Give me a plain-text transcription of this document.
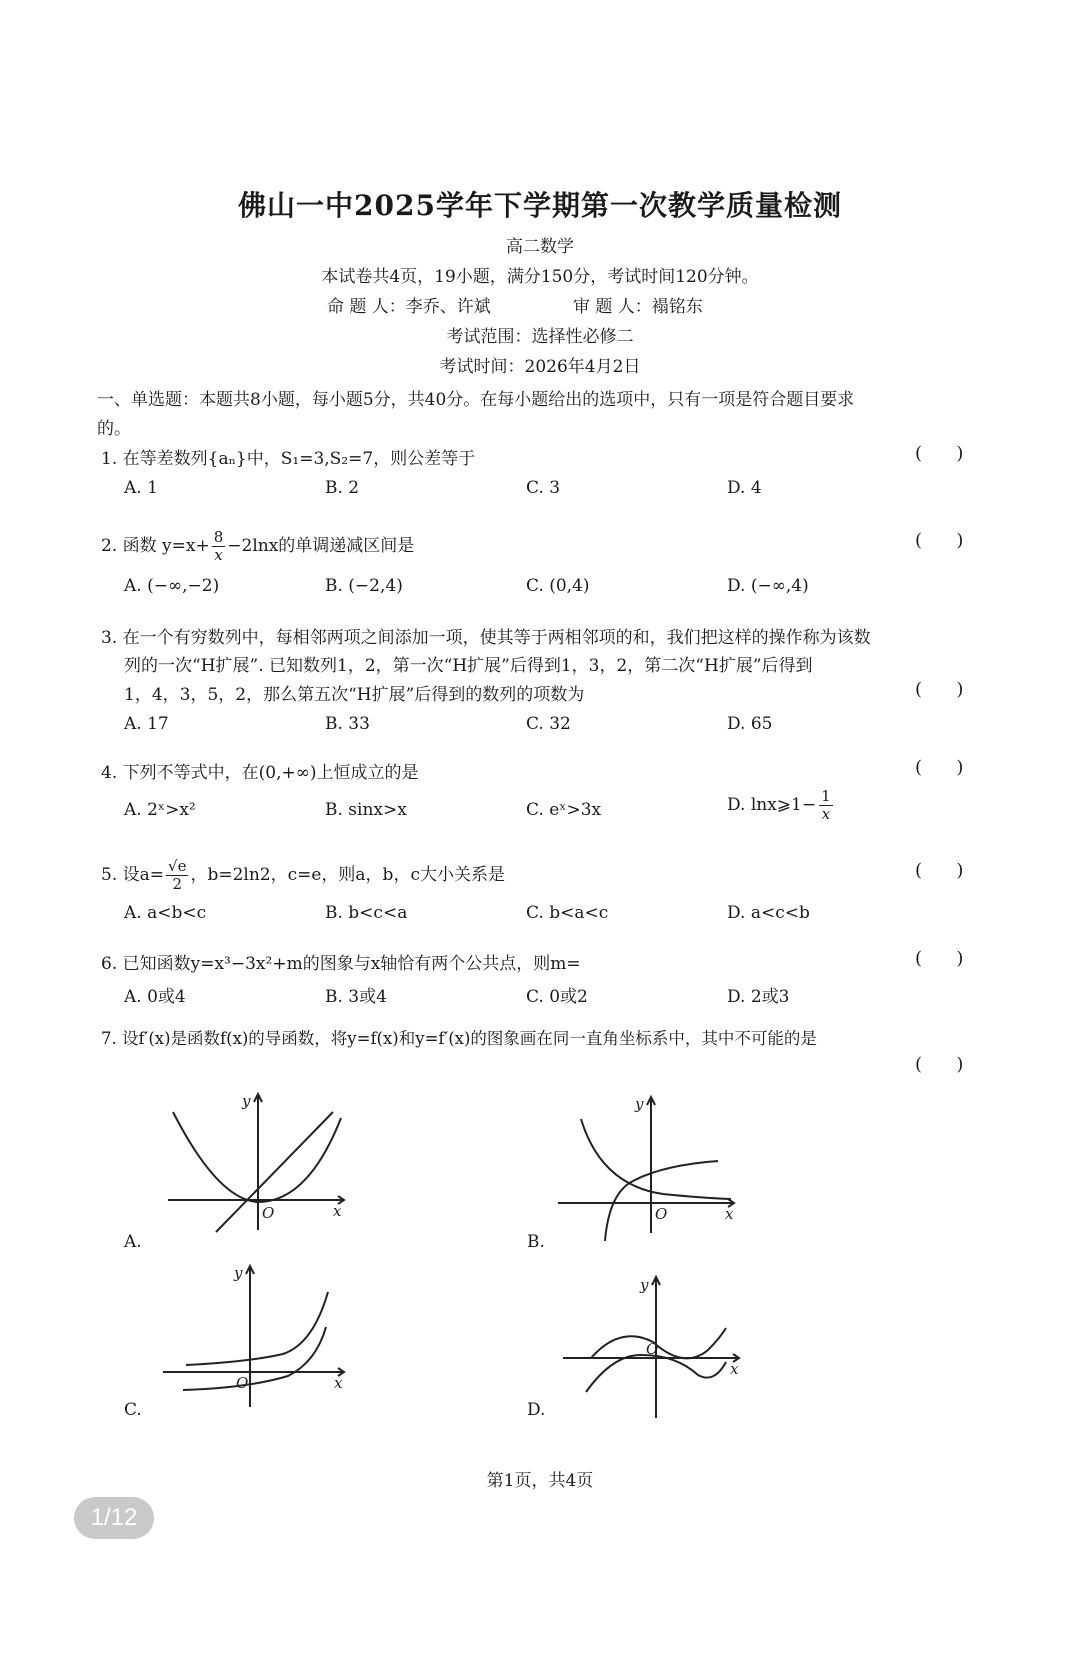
佛山一中2025学年下学期第一次教学质量检测
高二数学
本试卷共4页，19小题，满分150分，考试时间120分钟。
命 题 人：李乔、许斌	审 题 人：褟铭东
考试范围：选择性必修二
考试时间：2026年4月2日
一、单选题：本题共8小题，每小题5分，共40分。在每小题给出的选项中，只有一项是符合题目要求
的。
1. 在等差数列{aₙ}中，S₁=3,S₂=7，则公差等于	(      )
A. 1	B. 2	C. 3	D. 4
2. 函数 $y=x+ \frac{8}{x} -2\ln x$的单调递减区间是	(      )
A. (−∞,−2)	B. (−2,4)	C. (0,4)	D. (−∞,4)
3. 在一个有穷数列中，每相邻两项之间添加一项，使其等于两相邻项的和，我们把这样的操作称为该数
列的一次“H扩展”. 已知数列1，2，第一次“H扩展”后得到1，3，2，第二次“H扩展”后得到
1，4，3，5，2，那么第五次“H扩展”后得到的数列的项数为	(      )
A. 17	B. 33	C. 32	D. 65
4. 下列不等式中，在(0,+∞)上恒成立的是	(      )
A. 2ˣ>x²	B. sinx>x	C. eˣ>3x	D. lnx⩾1− $\frac{1}{x}$
5. 设$a= \frac{√e}{2}$ ，b=2ln2，c=e，则a，b，c大小关系是	(      )
A. a<b<c	B. b<c<a	C. b<a<c	D. a<c<b
6. 已知函数y=x³−3x²+m的图象与x轴恰有两个公共点，则m=	(      )
A. 0或4	B. 3或4	C. 0或2	D. 2或3
7. 设f′(x)是函数f(x)的导函数，将y=f(x)和y=f′(x)的图象画在同一直角坐标系中，其中不可能的是
(      )
y
x
O
A.
y
x
O
B.
y
x
O
C.
y
x
O
D.
第1页，共4页
1/12
